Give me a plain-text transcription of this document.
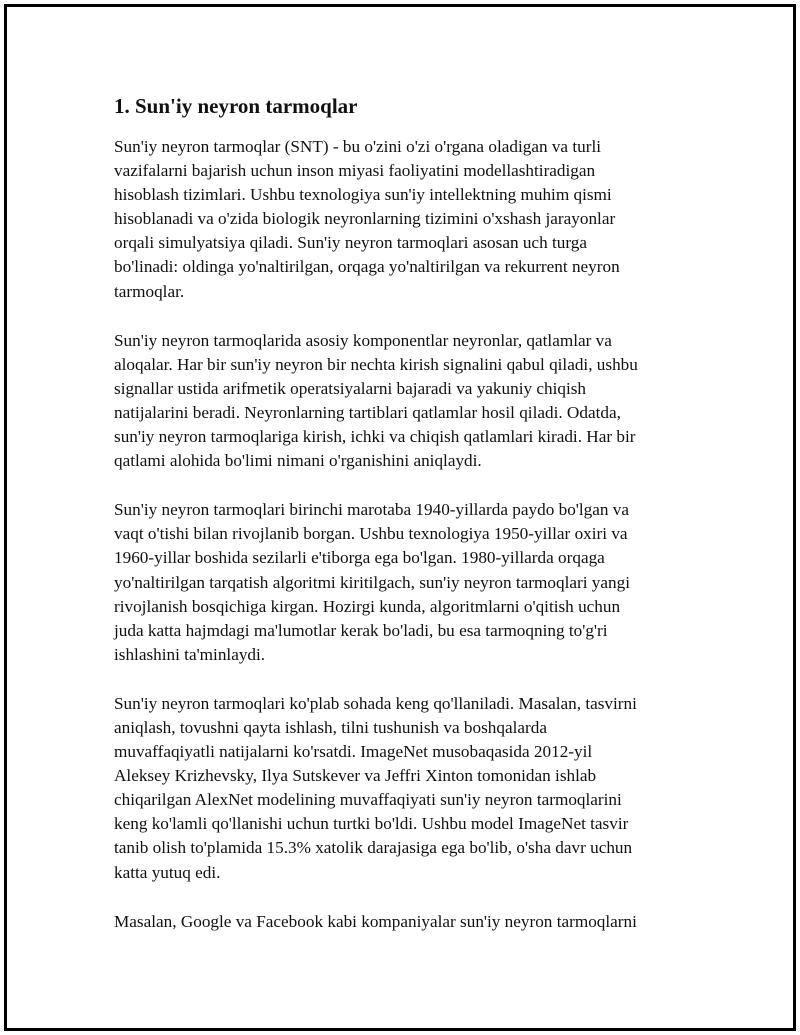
1. Sun'iy neyron tarmoqlar
Sun'iy neyron tarmoqlar (SNT) - bu o'zini o'zi o'rgana oladigan va turli
vazifalarni bajarish uchun inson miyasi faoliyatini modellashtiradigan
hisoblash tizimlari. Ushbu texnologiya sun'iy intellektning muhim qismi
hisoblanadi va o'zida biologik neyronlarning tizimini o'xshash jarayonlar
orqali simulyatsiya qiladi. Sun'iy neyron tarmoqlari asosan uch turga
bo'linadi: oldinga yo'naltirilgan, orqaga yo'naltirilgan va rekurrent neyron
tarmoqlar.
Sun'iy neyron tarmoqlarida asosiy komponentlar neyronlar, qatlamlar va
aloqalar. Har bir sun'iy neyron bir nechta kirish signalini qabul qiladi, ushbu
signallar ustida arifmetik operatsiyalarni bajaradi va yakuniy chiqish
natijalarini beradi. Neyronlarning tartiblari qatlamlar hosil qiladi. Odatda,
sun'iy neyron tarmoqlariga kirish, ichki va chiqish qatlamlari kiradi. Har bir
qatlami alohida bo'limi nimani o'rganishini aniqlaydi.
Sun'iy neyron tarmoqlari birinchi marotaba 1940-yillarda paydo bo'lgan va
vaqt o'tishi bilan rivojlanib borgan. Ushbu texnologiya 1950-yillar oxiri va
1960-yillar boshida sezilarli e'tiborga ega bo'lgan. 1980-yillarda orqaga
yo'naltirilgan tarqatish algoritmi kiritilgach, sun'iy neyron tarmoqlari yangi
rivojlanish bosqichiga kirgan. Hozirgi kunda, algoritmlarni o'qitish uchun
juda katta hajmdagi ma'lumotlar kerak bo'ladi, bu esa tarmoqning to'g'ri
ishlashini ta'minlaydi.
Sun'iy neyron tarmoqlari ko'plab sohada keng qo'llaniladi. Masalan, tasvirni
aniqlash, tovushni qayta ishlash, tilni tushunish va boshqalarda
muvaffaqiyatli natijalarni ko'rsatdi. ImageNet musobaqasida 2012-yil
Aleksey Krizhevsky, Ilya Sutskever va Jeffri Xinton tomonidan ishlab
chiqarilgan AlexNet modelining muvaffaqiyati sun'iy neyron tarmoqlarini
keng ko'lamli qo'llanishi uchun turtki bo'ldi. Ushbu model ImageNet tasvir
tanib olish to'plamida 15.3% xatolik darajasiga ega bo'lib, o'sha davr uchun
katta yutuq edi.
Masalan, Google va Facebook kabi kompaniyalar sun'iy neyron tarmoqlarni
